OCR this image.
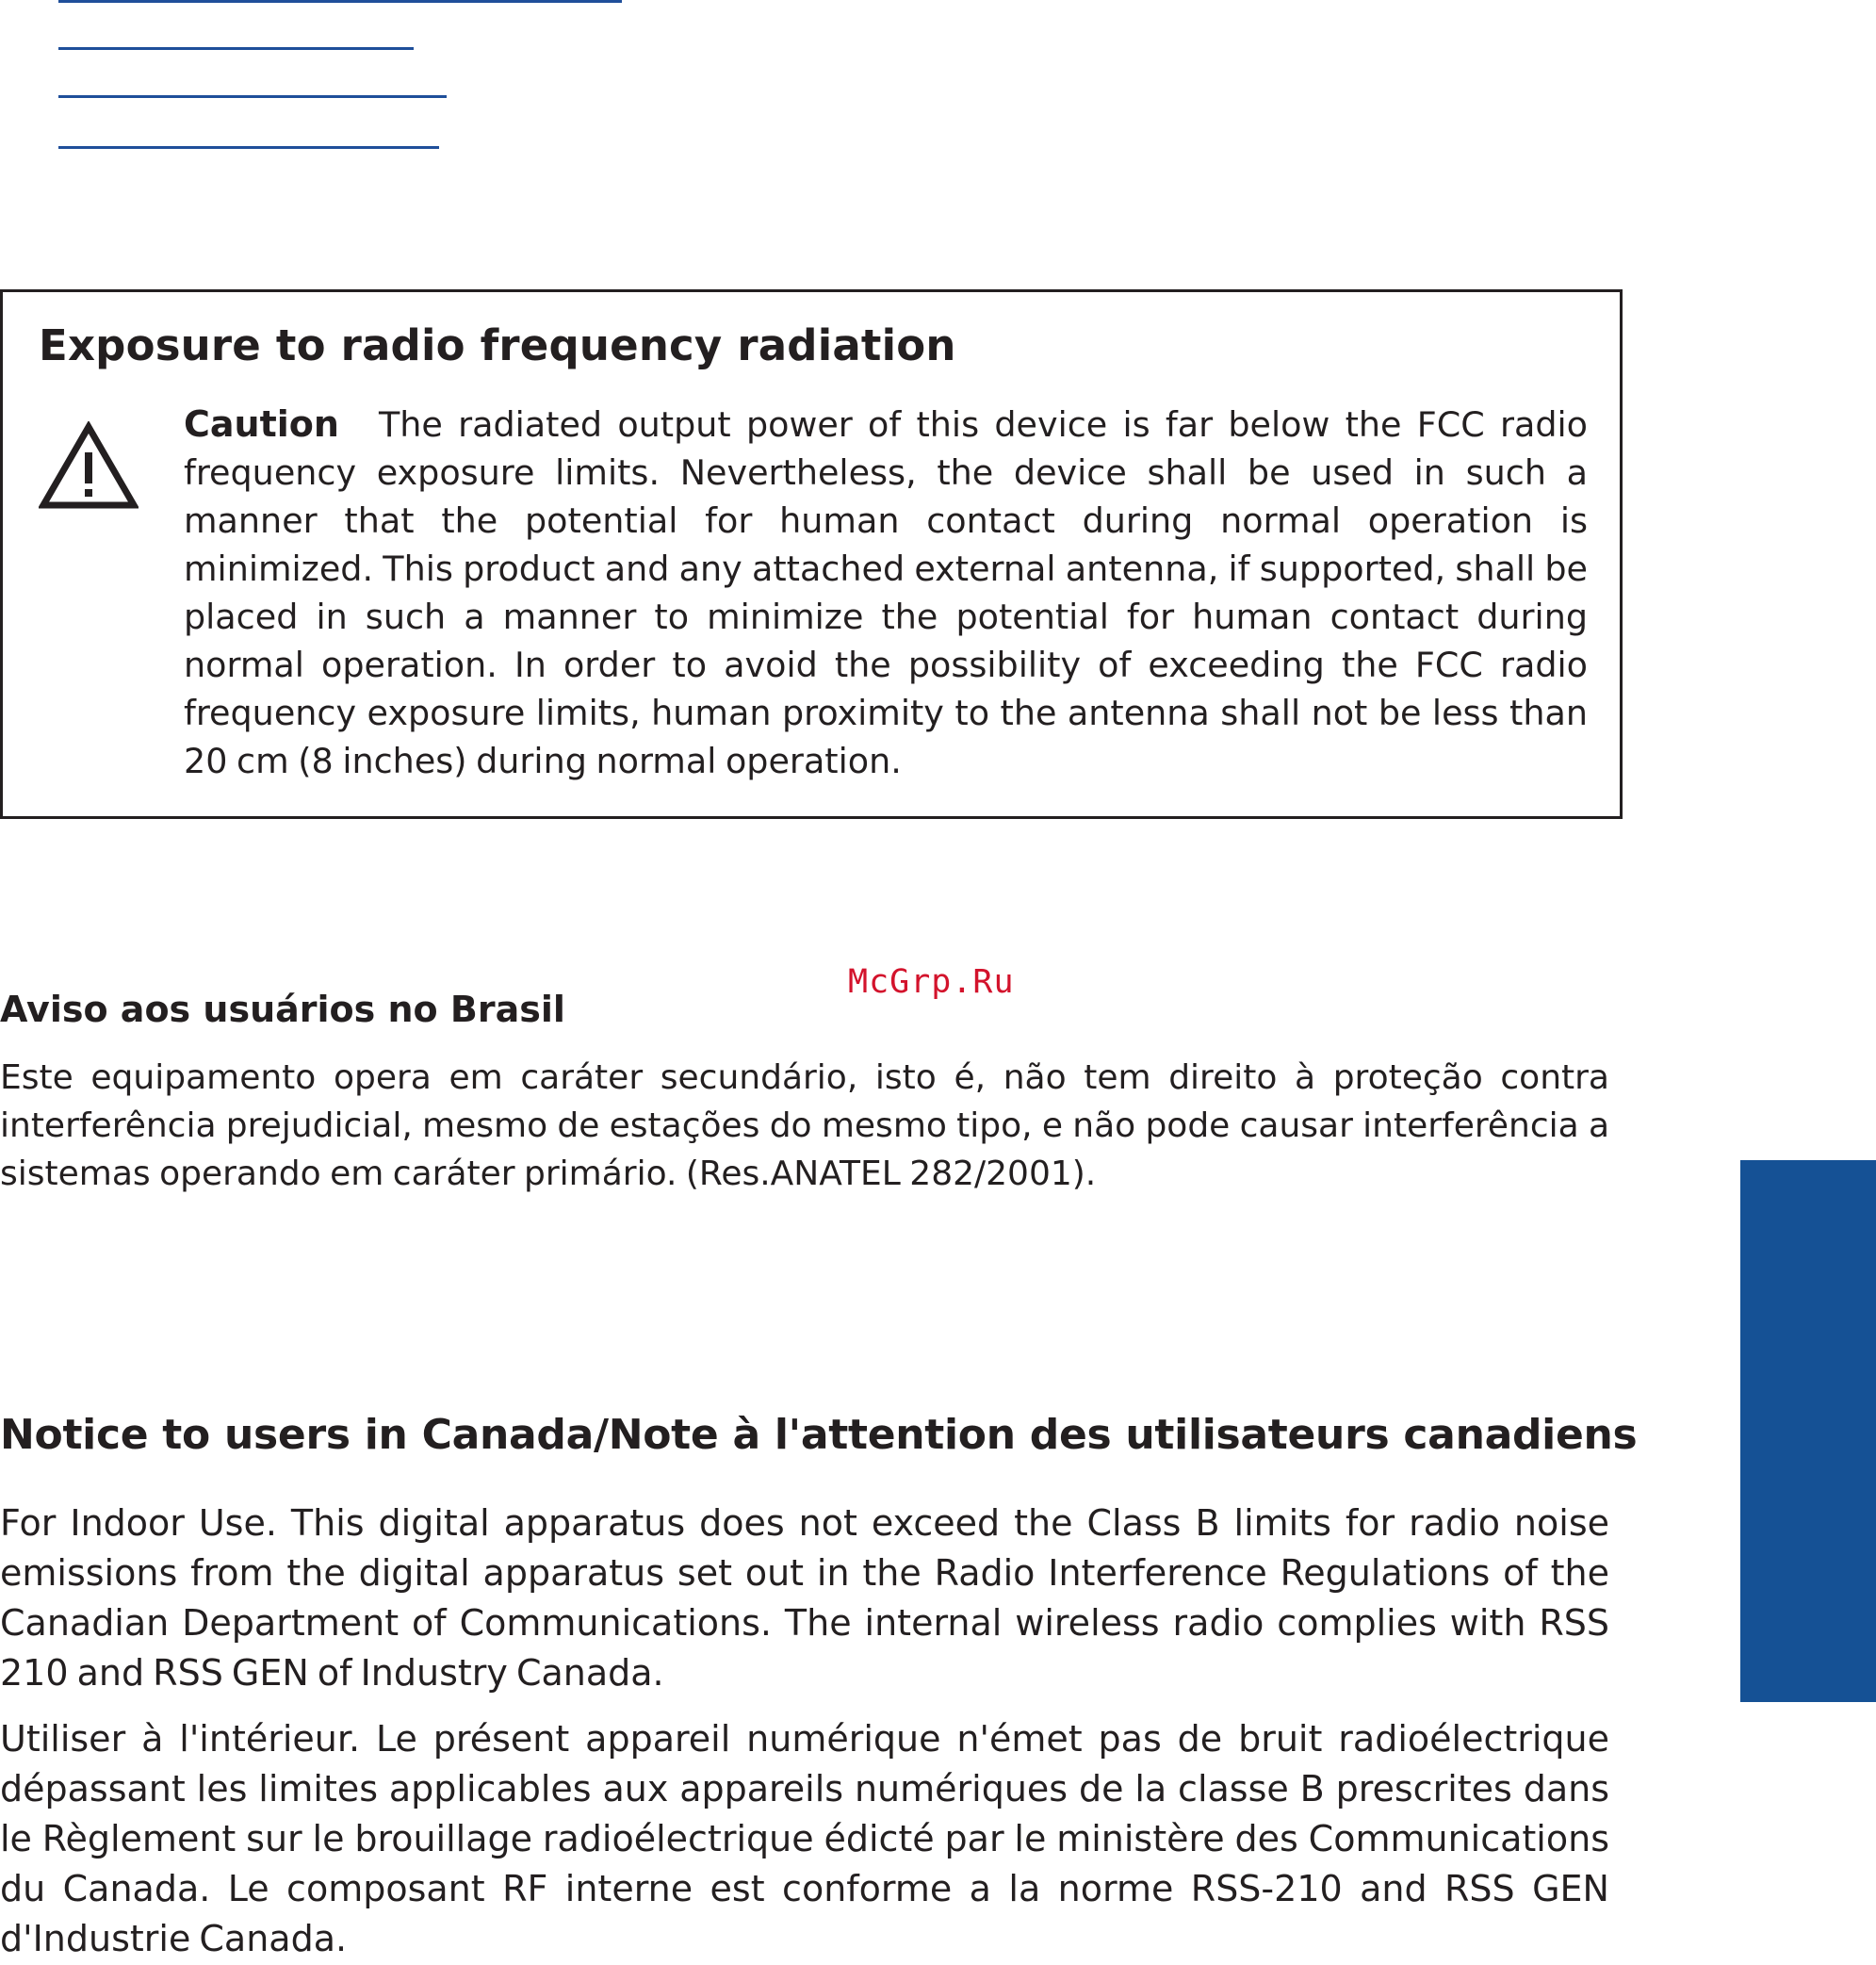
Exposure to radio frequency radiation
Caution The radiated output power of this device is far below the FCC radio frequency exposure limits. Nevertheless, the device shall be used in such a manner that the potential for human contact during normal operation is minimized. This product and any attached external antenna, if supported, shall be placed in such a manner to minimize the potential for human contact during normal operation. In order to avoid the possibility of exceeding the FCC radio frequency exposure limits, human proximity to the antenna shall not be less than 20 cm (8 inches) during normal operation.
McGrp.Ru
Aviso aos usuários no Brasil

Este equipamento opera em caráter secundário, isto é, não tem direito à proteção contra interferência prejudicial, mesmo de estações do mesmo tipo, e não pode causar interferência a sistemas operando em caráter primário. (Res.ANATEL 282/2001).

Notice to users in Canada/Note à l'attention des utilisateurs canadiens

For Indoor Use. This digital apparatus does not exceed the Class B limits for radio noise emissions from the digital apparatus set out in the Radio Interference Regulations of the Canadian Department of Communications. The internal wireless radio complies with RSS 210 and RSS GEN of Industry Canada.

Utiliser à l'intérieur. Le présent appareil numérique n'émet pas de bruit radioélectrique dépassant les limites applicables aux appareils numériques de la classe B prescrites dans le Règlement sur le brouillage radioélectrique édicté par le ministère des Communications du Canada. Le composant RF interne est conforme a la norme RSS-210 and RSS GEN d'Industrie Canada.
